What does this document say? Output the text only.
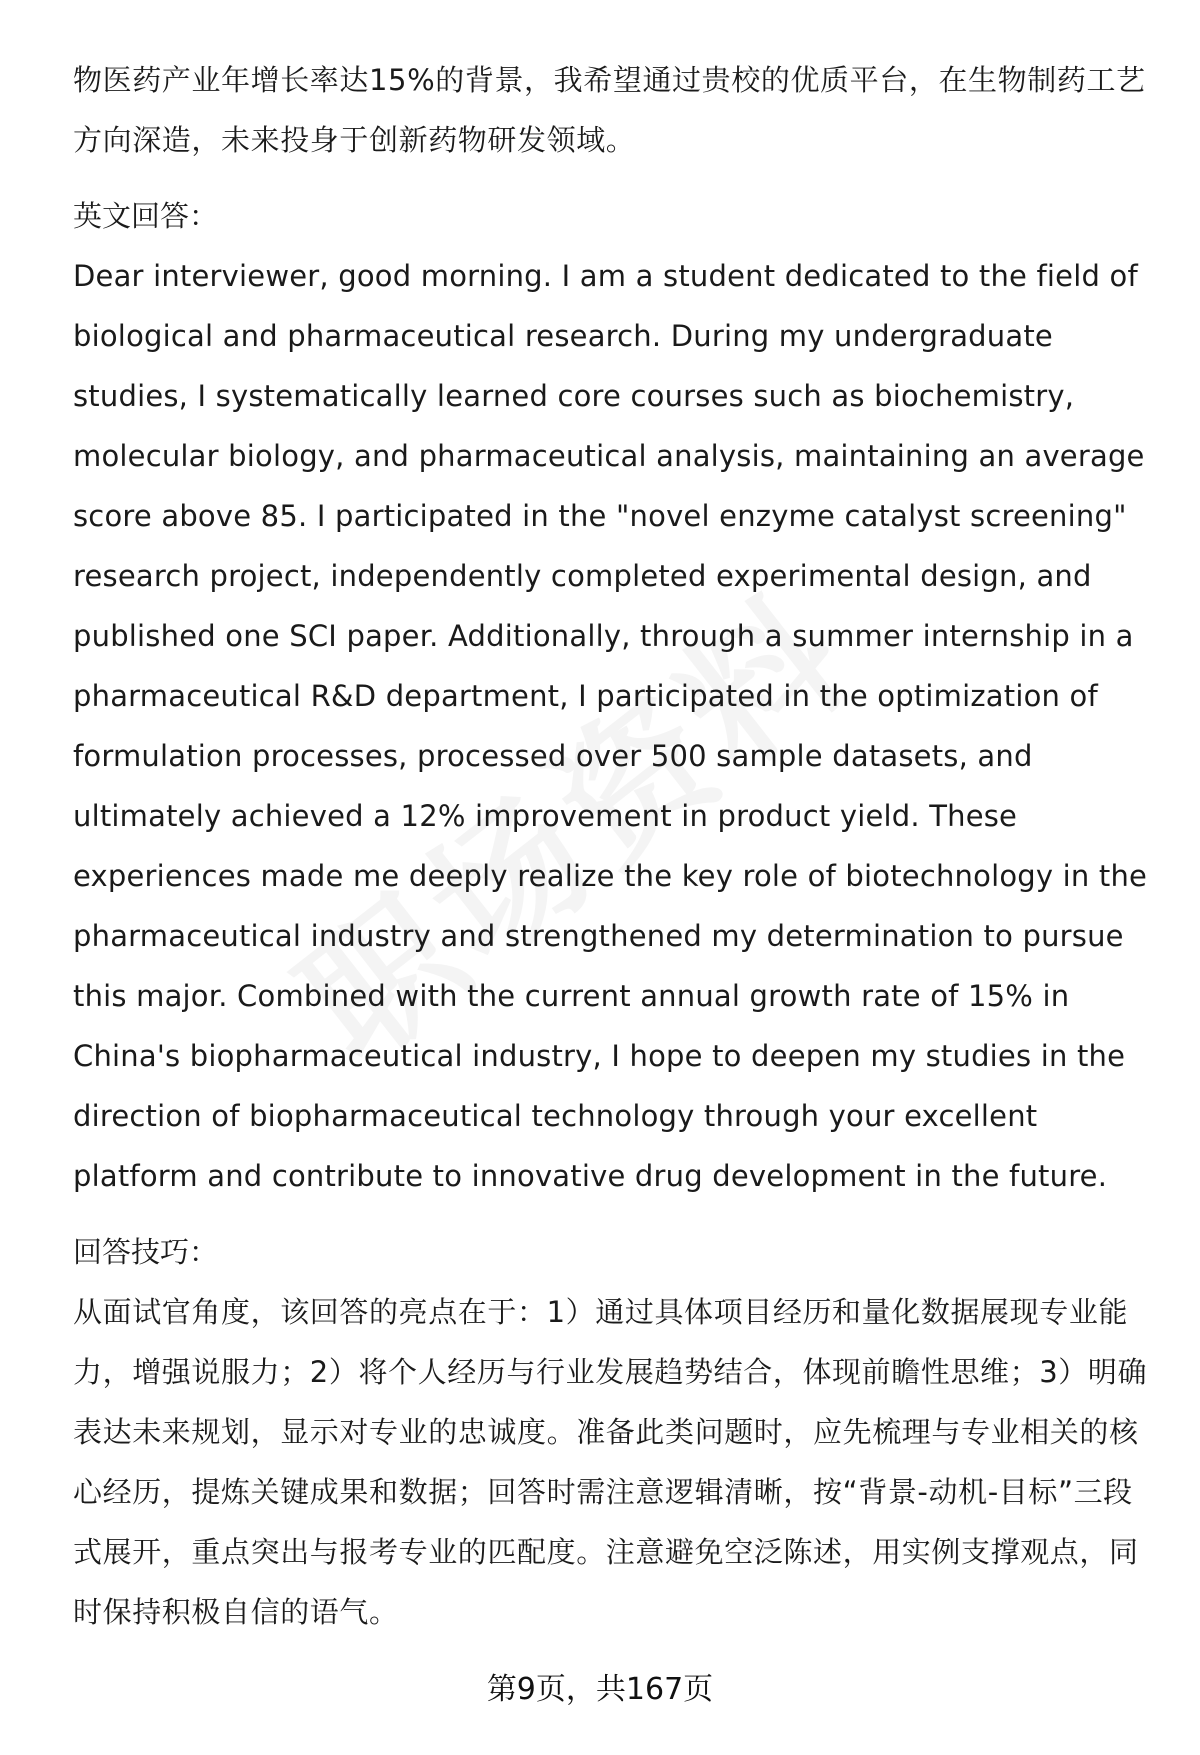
物医药产业年增长率达15%的背景，我希望通过贵校的优质平台，在生物制药工艺方向深造，未来投身于创新药物研发领域。

英文回答：

Dear interviewer, good morning. I am a student dedicated to the field of biological and pharmaceutical research. During my undergraduate studies, I systematically learned core courses such as biochemistry, molecular biology, and pharmaceutical analysis, maintaining an average score above 85. I participated in the "novel enzyme catalyst screening" research project, independently completed experimental design, and published one SCI paper. Additionally, through a summer internship in a pharmaceutical R&D department, I participated in the optimization of formulation processes, processed over 500 sample datasets, and ultimately achieved a 12% improvement in product yield. These experiences made me deeply realize the key role of biotechnology in the pharmaceutical industry and strengthened my determination to pursue this major. Combined with the current annual growth rate of 15% in China's biopharmaceutical industry, I hope to deepen my studies in the direction of biopharmaceutical technology through your excellent platform and contribute to innovative drug development in the future.

回答技巧：

从面试官角度，该回答的亮点在于：1）通过具体项目经历和量化数据展现专业能力，增强说服力；2）将个人经历与行业发展趋势结合，体现前瞻性思维；3）明确表达未来规划，显示对专业的忠诚度。准备此类问题时，应先梳理与专业相关的核心经历，提炼关键成果和数据；回答时需注意逻辑清晰，按“背景-动机-目标”三段式展开，重点突出与报考专业的匹配度。注意避免空泛陈述，用实例支撑观点，同时保持积极自信的语气。

第9页，共167页
